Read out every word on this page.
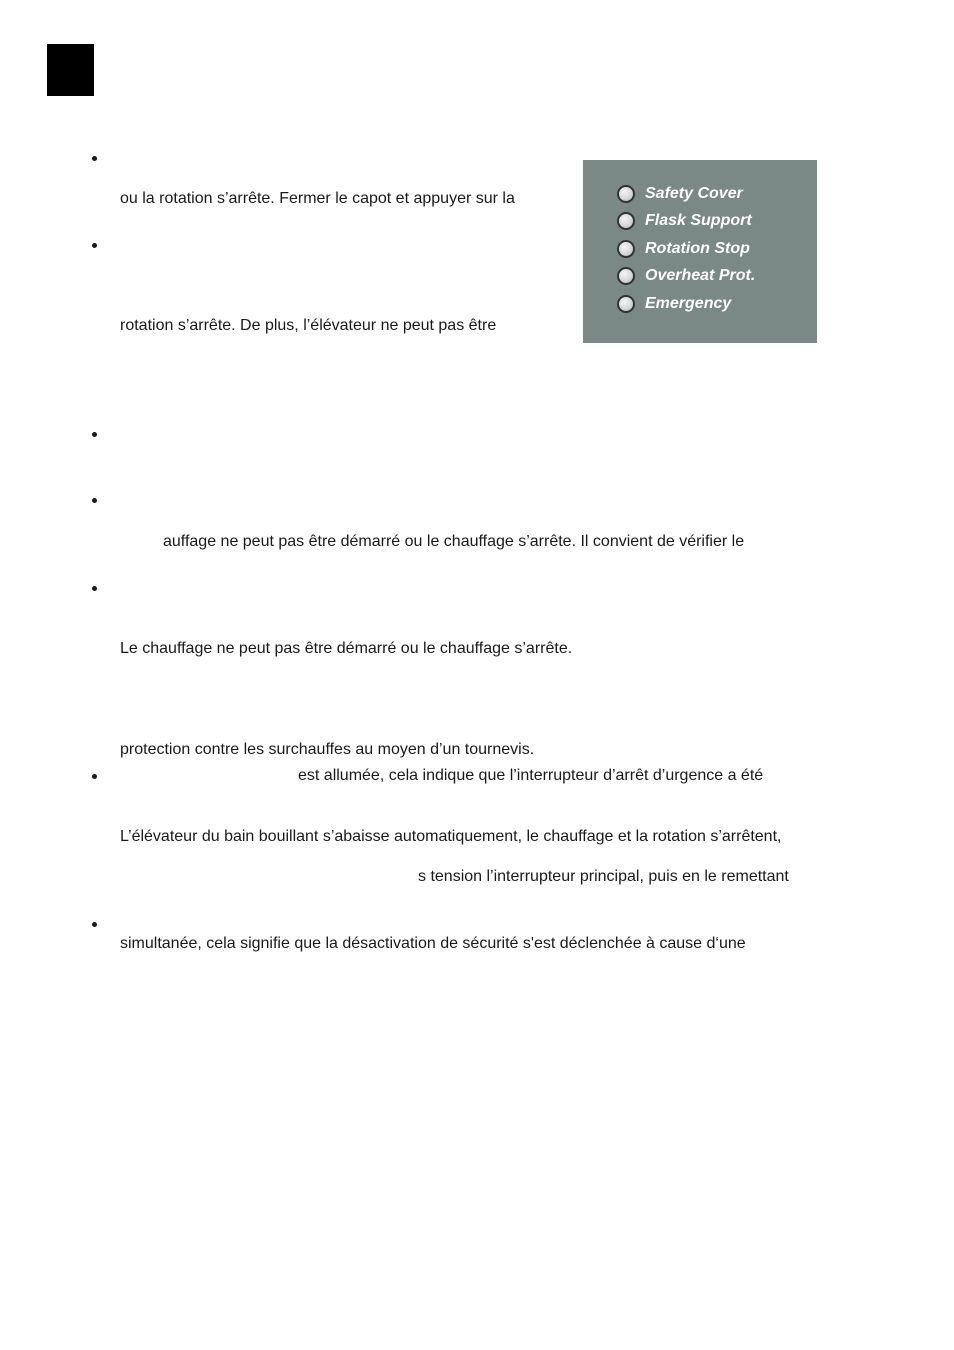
ou la rotation s’arrête. Fermer le capot et appuyer sur la
rotation s’arrête. De plus, l’élévateur ne peut pas être
auffage ne peut pas être démarré ou le chauffage s’arrête. Il convient de vérifier le
Le chauffage ne peut pas être démarré ou le chauffage s’arrête.
protection contre les surchauffes au moyen d’un tournevis.
est allumée, cela indique que l’interrupteur d’arrêt d’urgence a été
L’élévateur du bain bouillant s’abaisse automatiquement, le chauffage et la rotation s’arrêtent,
s tension l’interrupteur principal, puis en le remettant
simultanée, cela signifie que la désactivation de sécurité s'est déclenchée à cause d‘une
Safety Cover
Flask Support
Rotation Stop
Overheat Prot.
Emergency
